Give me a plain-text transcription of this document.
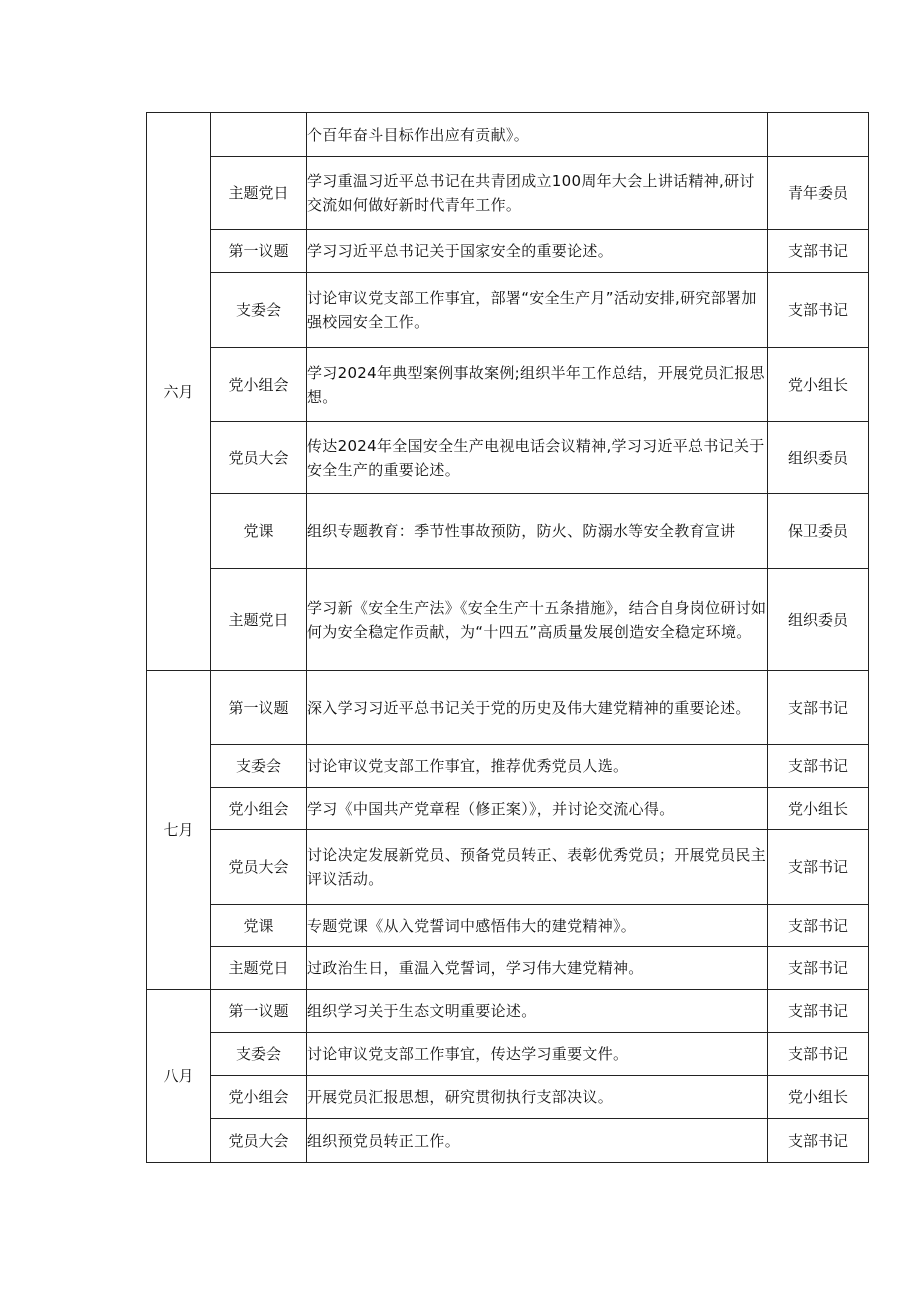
六月		个百年奋斗目标作出应有贡献》。	
	主题党日	学习重温习近平总书记在共青团成立100周年大会上讲话精神,研讨交流如何做好新时代青年工作。	青年委员
	第一议题	学习习近平总书记关于国家安全的重要论述。	支部书记
	支委会	讨论审议党支部工作事宜，部署“安全生产月”活动安排,研究部署加强校园安全工作。	支部书记
	党小组会	学习2024年典型案例事故案例;组织半年工作总结，开展党员汇报思想。	党小组长
	党员大会	传达2024年全国安全生产电视电话会议精神,学习习近平总书记关于安全生产的重要论述。	组织委员
	党课	组织专题教育：季节性事故预防，防火、防溺水等安全教育宣讲	保卫委员
	主题党日	学习新《安全生产法》《安全生产十五条措施》，结合自身岗位研讨如何为安全稳定作贡献，为“十四五”高质量发展创造安全稳定环境。	组织委员
七月	第一议题	深入学习习近平总书记关于党的历史及伟大建党精神的重要论述。	支部书记
	支委会	讨论审议党支部工作事宜，推荐优秀党员人选。	支部书记
	党小组会	学习《中国共产党章程（修正案）》，并讨论交流心得。	党小组长
	党员大会	讨论决定发展新党员、预备党员转正、表彰优秀党员；开展党员民主评议活动。	支部书记
	党课	专题党课《从入党誓词中感悟伟大的建党精神》。	支部书记
	主题党日	过政治生日，重温入党誓词，学习伟大建党精神。	支部书记
八月	第一议题	组织学习关于生态文明重要论述。	支部书记
	支委会	讨论审议党支部工作事宜，传达学习重要文件。	支部书记
	党小组会	开展党员汇报思想，研究贯彻执行支部决议。	党小组长
	党员大会	组织预党员转正工作。	支部书记
